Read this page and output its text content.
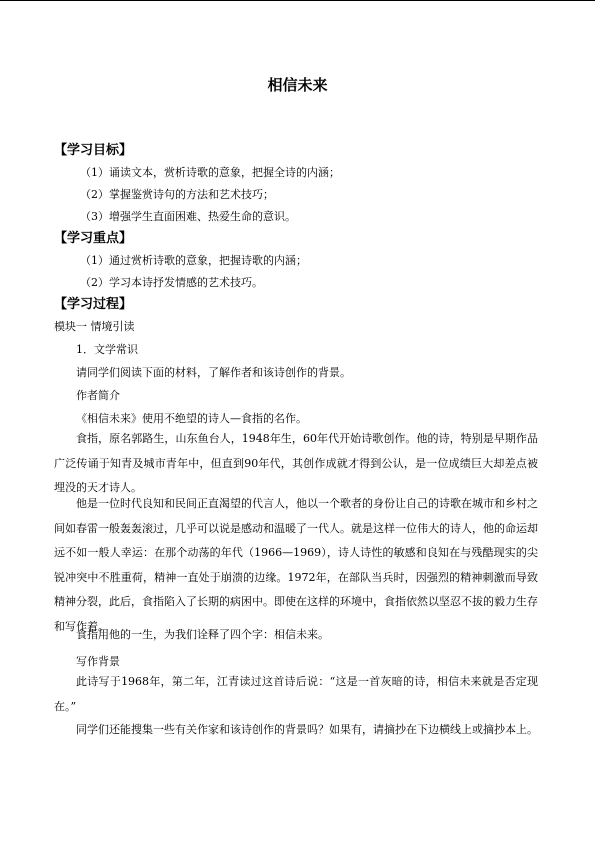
相信未来
【学习目标】
（1）诵读文本，赏析诗歌的意象，把握全诗的内涵；
（2）掌握鉴赏诗句的方法和艺术技巧；
（3）增强学生直面困难、热爱生命的意识。
【学习重点】
（1）通过赏析诗歌的意象，把握诗歌的内涵；
（2）学习本诗抒发情感的艺术技巧。
【学习过程】
模块一 情境引读
1．文学常识
请同学们阅读下面的材料，了解作者和该诗创作的背景。
作者简介
《相信未来》使用不绝望的诗人—食指的名作。
食指，原名郭路生，山东鱼台人，1948年生，60年代开始诗歌创作。他的诗，特别是早期作品广泛传诵于知青及城市青年中，但直到90年代，其创作成就才得到公认，是一位成绩巨大却差点被埋没的天才诗人。
他是一位时代良知和民间正直渴望的代言人，他以一个歌者的身份让自己的诗歌在城市和乡村之间如春雷一般轰轰滚过，几乎可以说是感动和温暖了一代人。就是这样一位伟大的诗人，他的命运却远不如一般人幸运：在那个动荡的年代（1966—1969），诗人诗性的敏感和良知在与残酷现实的尖锐冲突中不胜重荷，精神一直处于崩溃的边缘。1972年，在部队当兵时，因强烈的精神刺激而导致精神分裂，此后，食指陷入了长期的病困中。即使在这样的环境中，食指依然以坚忍不拔的毅力生存和写作着。
食指用他的一生，为我们诠释了四个字：相信未来。
写作背景
此诗写于1968年，第二年，江青读过这首诗后说：“这是一首灰暗的诗，相信未来就是否定现在。”
同学们还能搜集一些有关作家和该诗创作的背景吗？如果有，请摘抄在下边横线上或摘抄本上。
